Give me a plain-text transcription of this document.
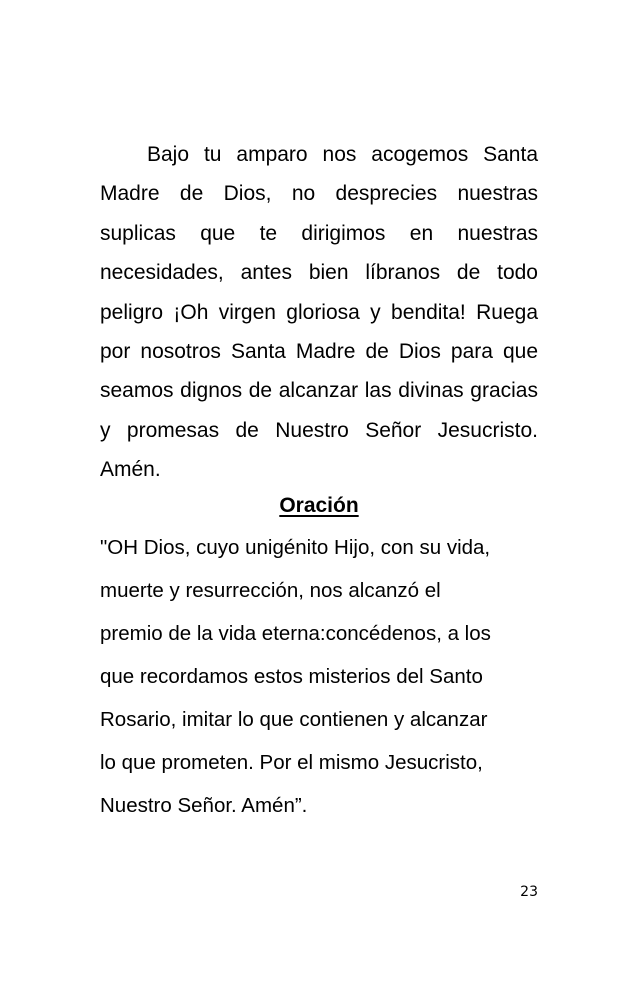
Bajo tu amparo nos acogemos Santa Madre de Dios, no desprecies nuestras suplicas que te dirigimos en nuestras necesidades, antes bien líbranos de todo peligro ¡Oh virgen gloriosa y bendita! Ruega por nosotros Santa Madre de Dios para que seamos dignos de alcanzar las divinas gracias y promesas de Nuestro Señor Jesucristo. Amén.

Oración
"OH Dios, cuyo unigénito Hijo, con su vida,
muerte y resurrección, nos alcanzó el
premio de la vida eterna:concédenos, a los
que recordamos estos misterios del Santo
Rosario, imitar lo que contienen y alcanzar
lo que prometen. Por el mismo Jesucristo,
Nuestro Señor. Amén”.

23
